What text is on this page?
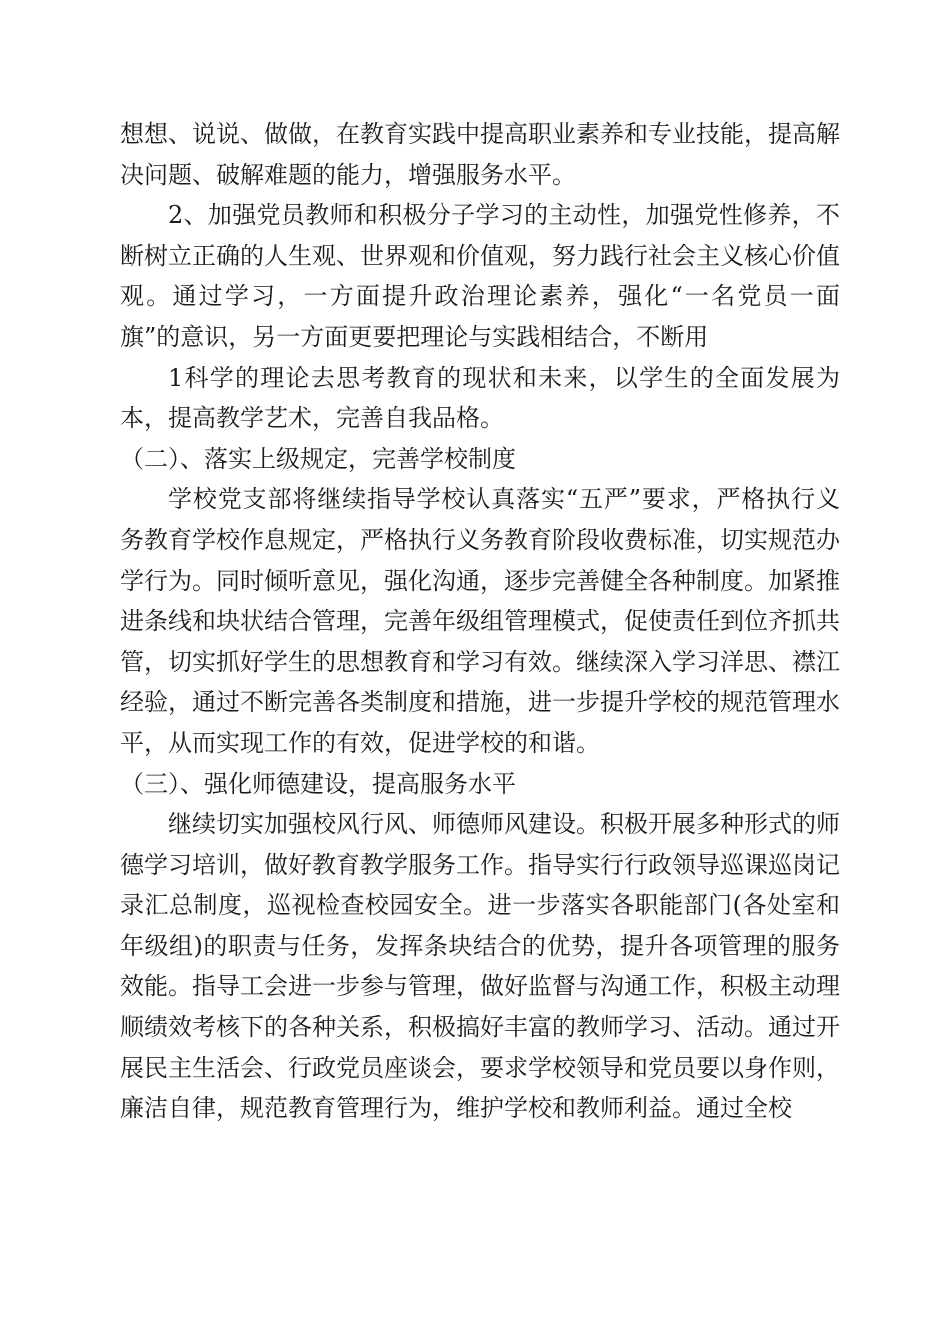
想想、说说、做做，在教育实践中提高职业素养和专业技能，提高解决问题、破解难题的能力，增强服务水平。

2、加强党员教师和积极分子学习的主动性，加强党性修养，不断树立正确的人生观、世界观和价值观，努力践行社会主义核心价值观。通过学习，一方面提升政治理论素养，强化“一名党员一面旗”的意识，另一方面更要把理论与实践相结合，不断用

1科学的理论去思考教育的现状和未来，以学生的全面发展为本，提高教学艺术，完善自我品格。

（二）、落实上级规定，完善学校制度

学校党支部将继续指导学校认真落实“五严”要求，严格执行义务教育学校作息规定，严格执行义务教育阶段收费标准，切实规范办学行为。同时倾听意见，强化沟通，逐步完善健全各种制度。加紧推进条线和块状结合管理，完善年级组管理模式，促使责任到位齐抓共管，切实抓好学生的思想教育和学习有效。继续深入学习洋思、襟江经验，通过不断完善各类制度和措施，进一步提升学校的规范管理水平，从而实现工作的有效，促进学校的和谐。

（三）、强化师德建设，提高服务水平

继续切实加强校风行风、师德师风建设。积极开展多种形式的师德学习培训，做好教育教学服务工作。指导实行行政领导巡课巡岗记录汇总制度，巡视检查校园安全。进一步落实各职能部门(各处室和年级组)的职责与任务，发挥条块结合的优势，提升各项管理的服务效能。指导工会进一步参与管理，做好监督与沟通工作，积极主动理顺绩效考核下的各种关系，积极搞好丰富的教师学习、活动。通过开展民主生活会、行政党员座谈会，要求学校领导和党员要以身作则，廉洁自律，规范教育管理行为，维护学校和教师利益。通过全校
